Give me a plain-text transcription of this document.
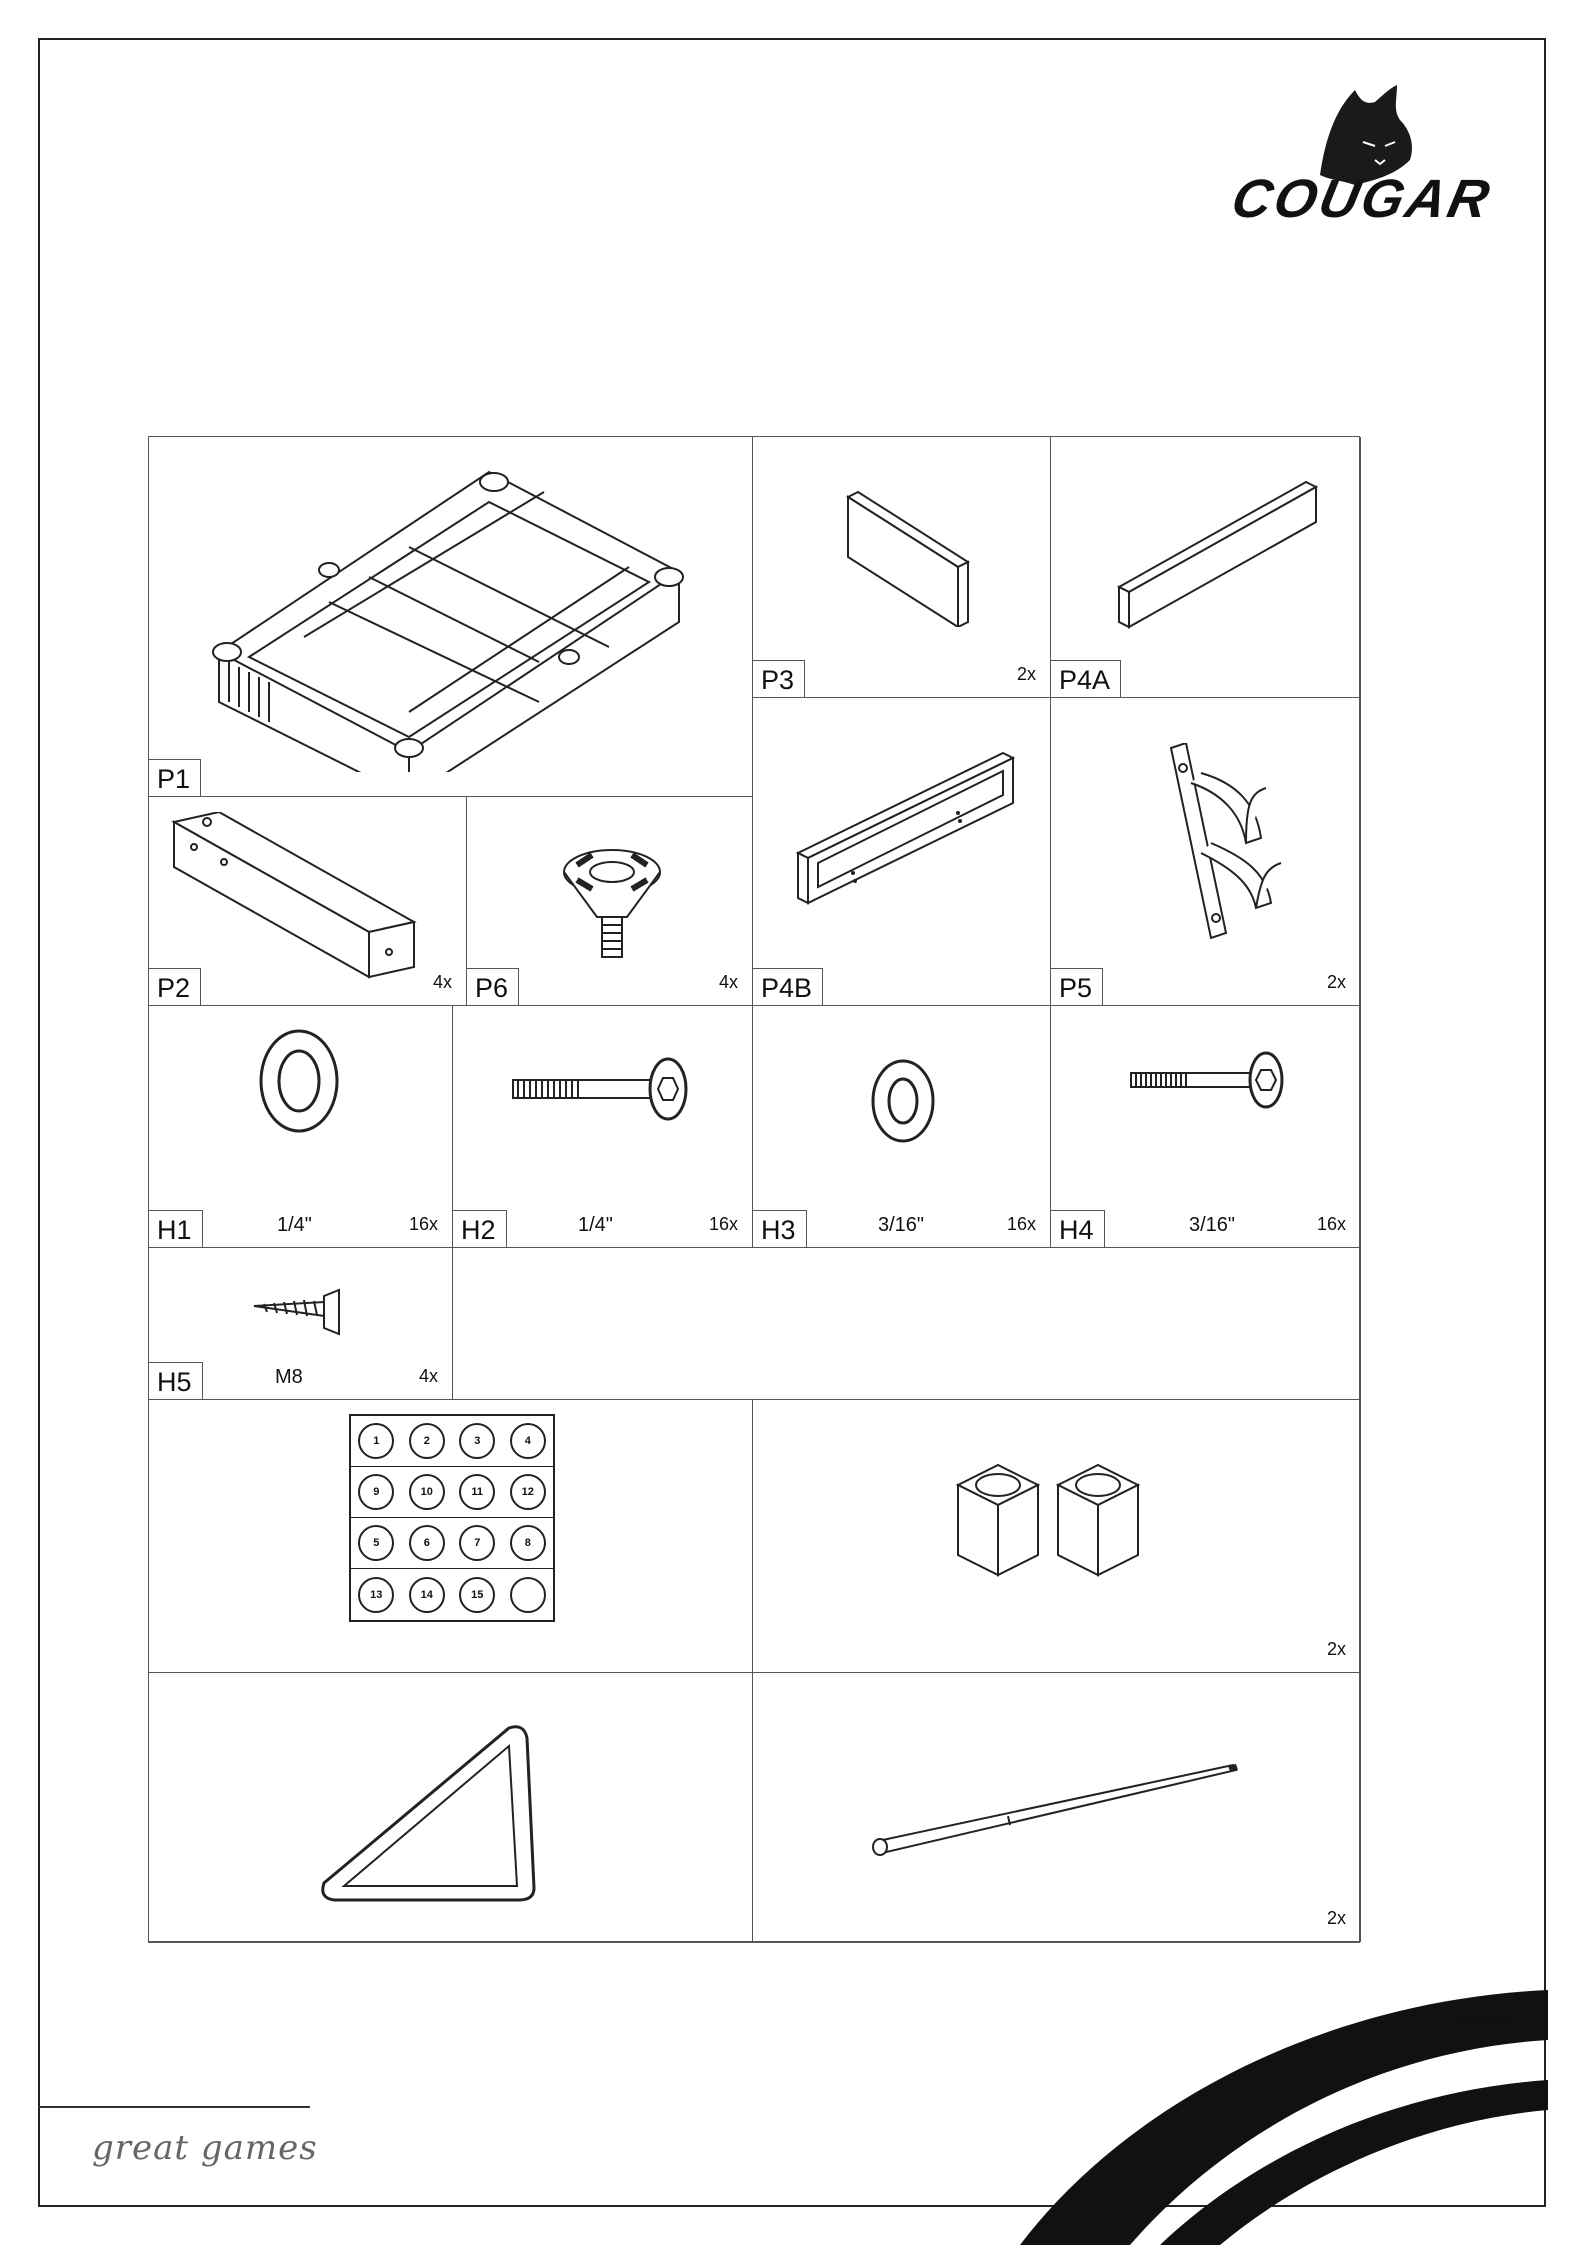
COUGAR
P1
P3	2x P4A
P4B	P5	2x
P2	4x P6	4x
H1	1/4"	16x H2	1/4"	16x H3	3/16"	16x H4	3/16"	16x
H5	M8	4x
1	2	3	4
9	10	11	12
5	6	7	8
13	14	15
2x
2x
great games
